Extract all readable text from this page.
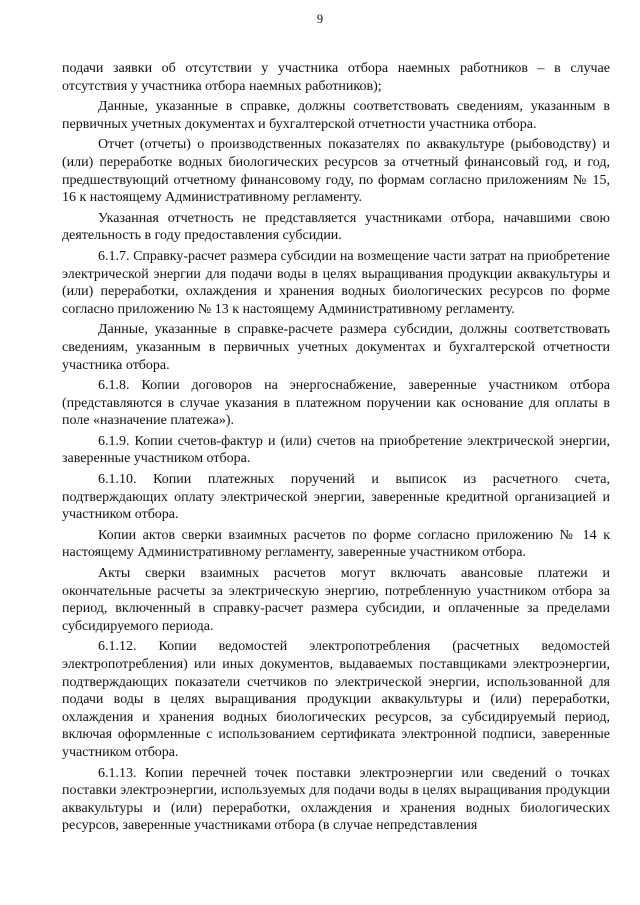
9

подачи заявки об отсутствии у участника отбора наемных работников – в случае отсутствия у участника отбора наемных работников);

Данные, указанные в справке, должны соответствовать сведениям, указанным в первичных учетных документах и бухгалтерской отчетности участника отбора.

Отчет (отчеты) о производственных показателях по аквакультуре (рыбоводству) и (или) переработке водных биологических ресурсов за отчетный финансовый год, и год, предшествующий отчетному финансовому году, по формам согласно приложениям № 15, 16 к настоящему Административному регламенту.

Указанная отчетность не представляется участниками отбора, начавшими свою деятельность в году предоставления субсидии.

6.1.7. Справку-расчет размера субсидии на возмещение части затрат на приобретение электрической энергии для подачи воды в целях выращивания продукции аквакультуры и (или) переработки, охлаждения и хранения водных биологических ресурсов по форме согласно приложению № 13 к настоящему Административному регламенту.

Данные, указанные в справке-расчете размера субсидии, должны соответствовать сведениям, указанным в первичных учетных документах и бухгалтерской отчетности участника отбора.

6.1.8. Копии договоров на энергоснабжение, заверенные участником отбора (представляются в случае указания в платежном поручении как основание для оплаты в поле «назначение платежа»).

6.1.9. Копии счетов-фактур и (или) счетов на приобретение электрической энергии, заверенные участником отбора.

6.1.10. Копии платежных поручений и выписок из расчетного счета, подтверждающих оплату электрической энергии, заверенные кредитной организацией и участником отбора.

Копии актов сверки взаимных расчетов по форме согласно приложению № 14 к настоящему Административному регламенту, заверенные участником отбора.

Акты сверки взаимных расчетов могут включать авансовые платежи и окончательные расчеты за электрическую энергию, потребленную участником отбора за период, включенный в справку-расчет размера субсидии, и оплаченные за пределами субсидируемого периода.

6.1.12. Копии ведомостей электропотребления (расчетных ведомостей электропотребления) или иных документов, выдаваемых поставщиками электроэнергии, подтверждающих показатели счетчиков по электрической энергии, использованной для подачи воды в целях выращивания продукции аквакультуры и (или) переработки, охлаждения и хранения водных биологических ресурсов, за субсидируемый период, включая оформленные с использованием сертификата электронной подписи, заверенные участником отбора.

6.1.13. Копии перечней точек поставки электроэнергии или сведений о точках поставки электроэнергии, используемых для подачи воды в целях выращивания продукции аквакультуры и (или) переработки, охлаждения и хранения водных биологических ресурсов, заверенные участниками отбора (в случае непредставления
